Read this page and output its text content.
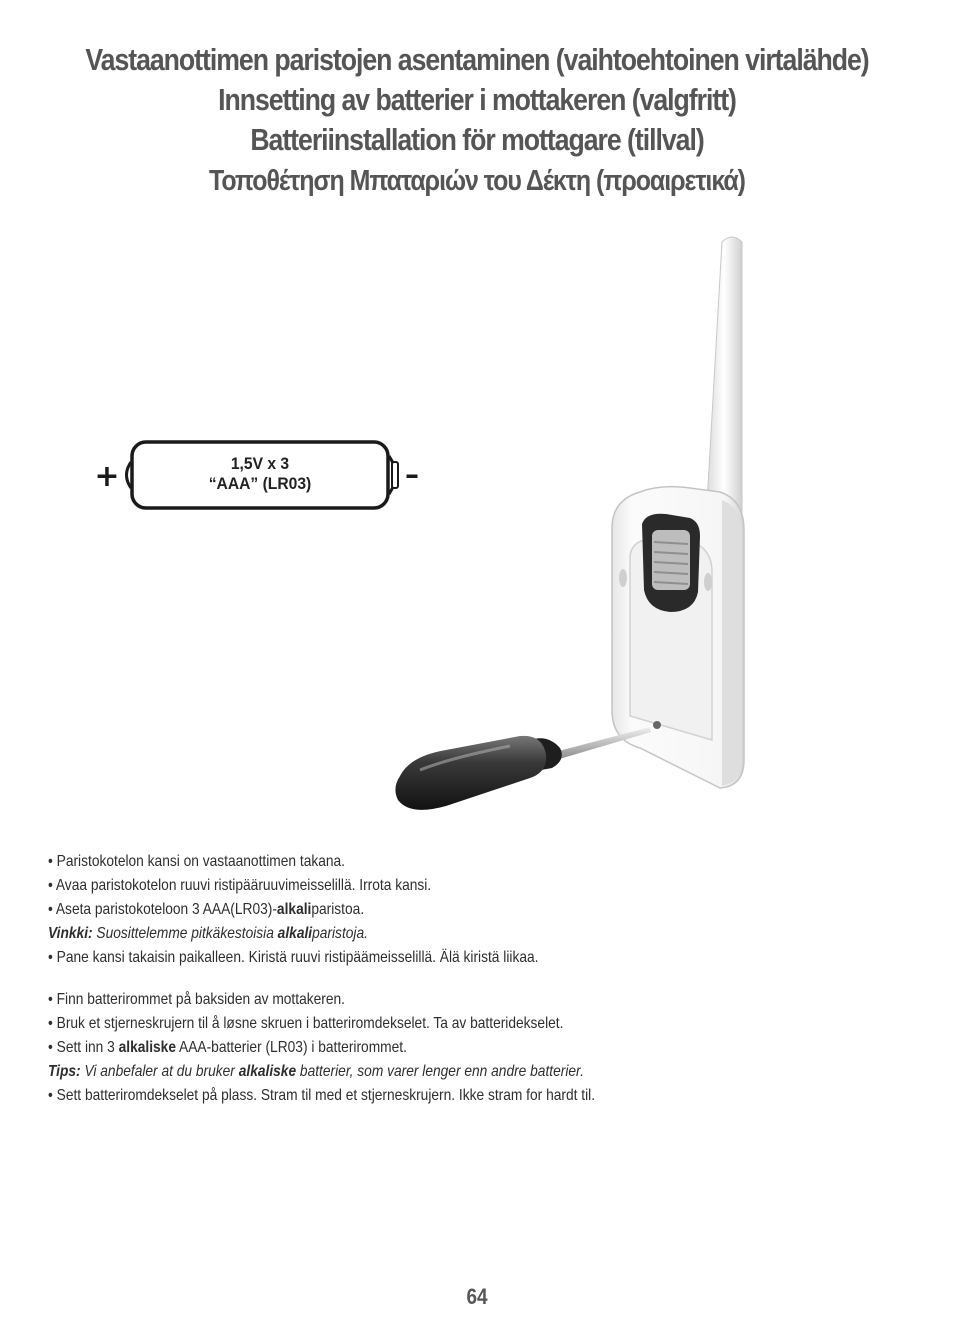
Vastaanottimen paristojen asentaminen (vaihtoehtoinen virtalähde)
Innsetting av batterier i mottakeren (valgfritt)
Batteriinstallation för mottagare (tillval)
Τοποθέτηση Μπαταριών του Δέκτη (προαιρετικά)
+	–
1,5V x 3
“AAA” (LR03)
• Paristokotelon kansi on vastaanottimen takana.
• Avaa paristokotelon ruuvi ristipääruuvimeisselillä. Irrota kansi.
• Aseta paristokoteloon 3 AAA(LR03)-alkaliparistoa.
Vinkki: Suosittelemme pitkäkestoisia alkaliparistoja.
• Pane kansi takaisin paikalleen. Kiristä ruuvi ristipäämeisselillä. Älä kiristä liikaa.
• Finn batterirommet på baksiden av mottakeren.
• Bruk et stjerneskrujern til å løsne skruen i batteriromdekselet. Ta av batteridekselet.
• Sett inn 3 alkaliske AAA-batterier (LR03) i batterirommet.
Tips: Vi anbefaler at du bruker alkaliske batterier, som varer lenger enn andre batterier.
• Sett batteriromdekselet på plass. Stram til med et stjerneskrujern. Ikke stram for hardt til.
64
